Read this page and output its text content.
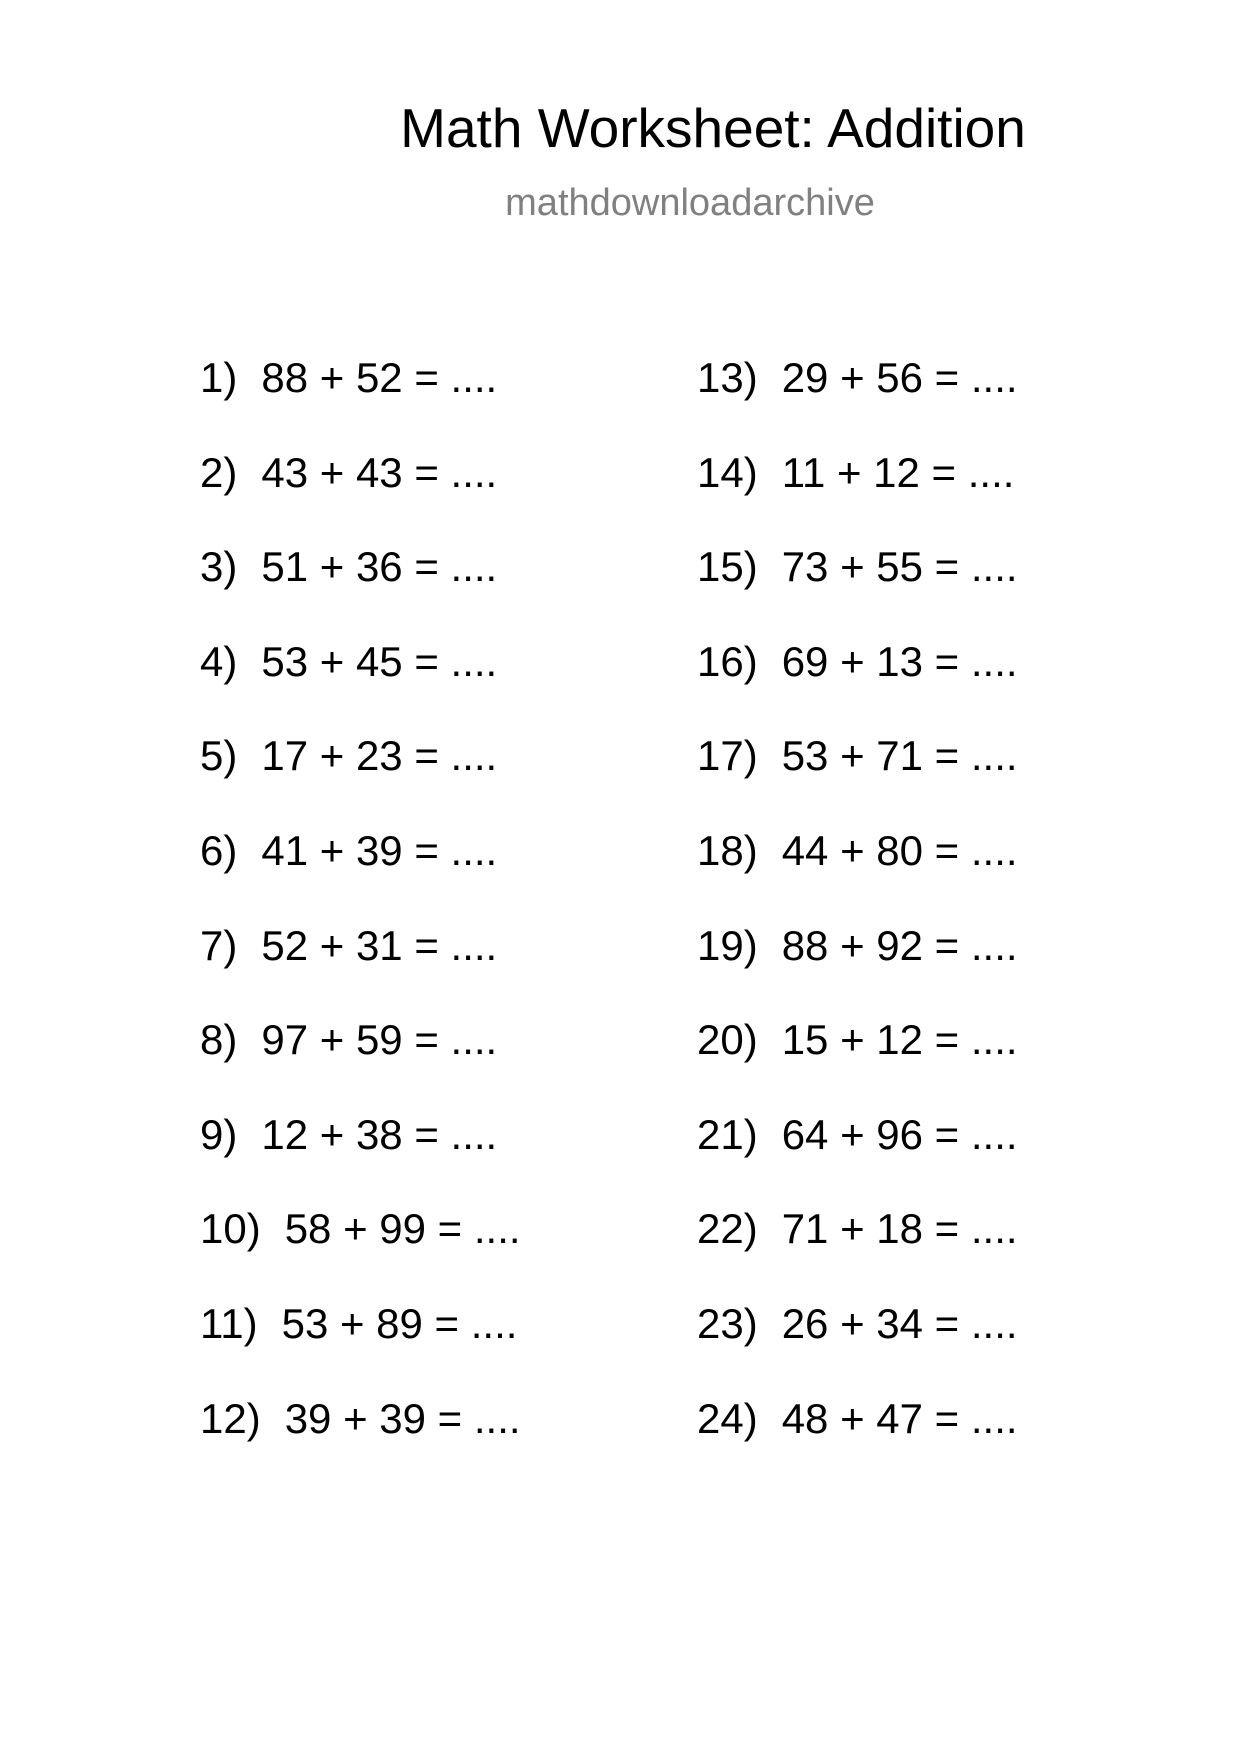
Math Worksheet: Addition
mathdownloadarchive
1) 88 + 52 = ....
2) 43 + 43 = ....
3) 51 + 36 = ....
4) 53 + 45 = ....
5) 17 + 23 = ....
6) 41 + 39 = ....
7) 52 + 31 = ....
8) 97 + 59 = ....
9) 12 + 38 = ....
10) 58 + 99 = ....
11) 53 + 89 = ....
12) 39 + 39 = ....
13) 29 + 56 = ....
14) 11 + 12 = ....
15) 73 + 55 = ....
16) 69 + 13 = ....
17) 53 + 71 = ....
18) 44 + 80 = ....
19) 88 + 92 = ....
20) 15 + 12 = ....
21) 64 + 96 = ....
22) 71 + 18 = ....
23) 26 + 34 = ....
24) 48 + 47 = ....
